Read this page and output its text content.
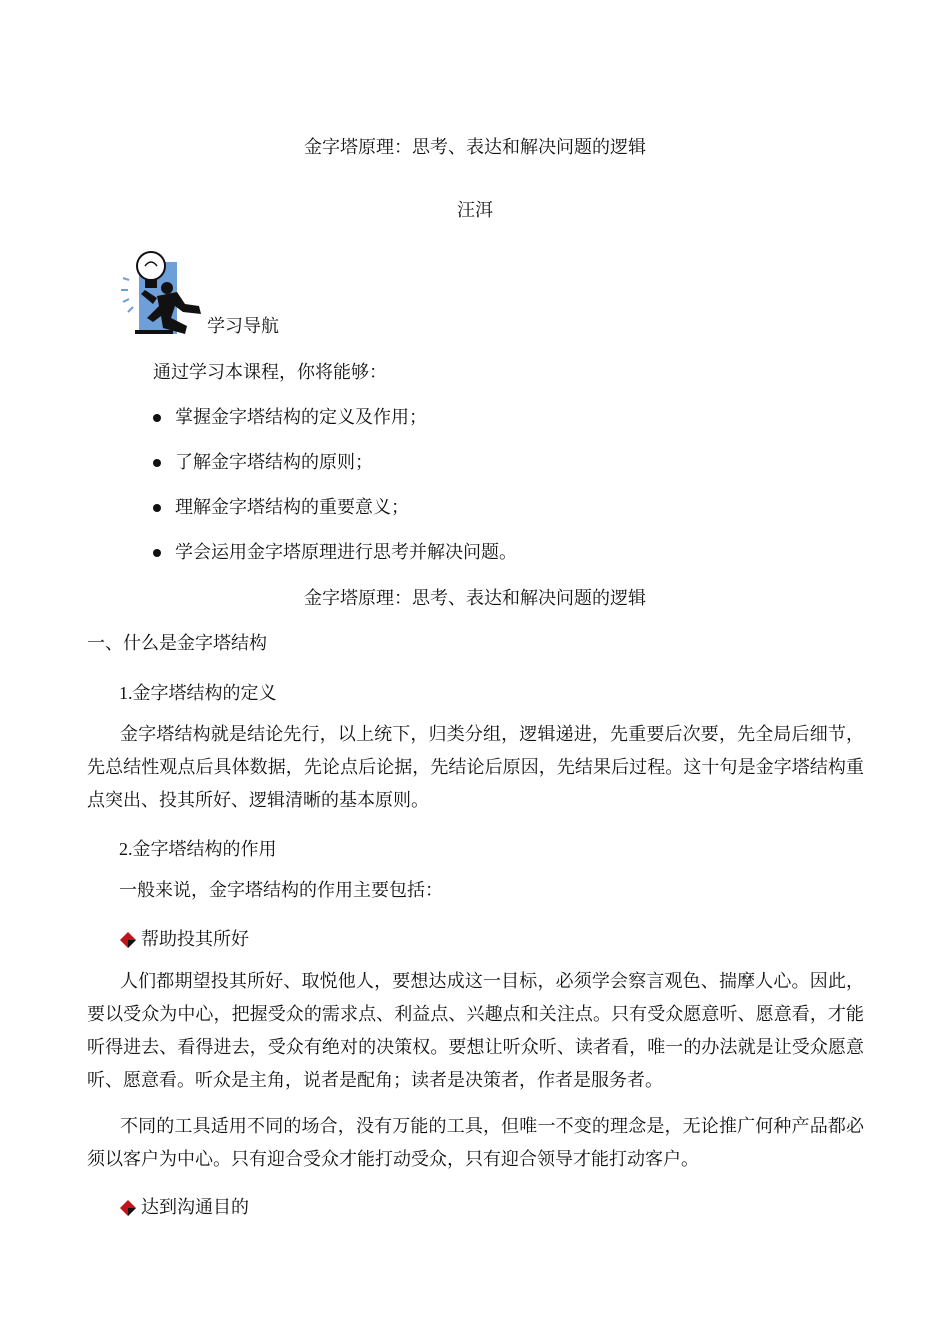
金字塔原理：思考、表达和解决问题的逻辑
汪洱
学习导航
通过学习本课程，你将能够：
掌握金字塔结构的定义及作用；
了解金字塔结构的原则；
理解金字塔结构的重要意义；
学会运用金字塔原理进行思考并解决问题。
金字塔原理：思考、表达和解决问题的逻辑
一、什么是金字塔结构
1.金字塔结构的定义
金字塔结构就是结论先行，以上统下，归类分组，逻辑递进，先重要后次要，先全局后细节，先总结性观点后具体数据，先论点后论据，先结论后原因，先结果后过程。这十句是金字塔结构重点突出、投其所好、逻辑清晰的基本原则。
2.金字塔结构的作用
一般来说，金字塔结构的作用主要包括：
帮助投其所好
人们都期望投其所好、取悦他人，要想达成这一目标，必须学会察言观色、揣摩人心。因此，要以受众为中心，把握受众的需求点、利益点、兴趣点和关注点。只有受众愿意听、愿意看，才能听得进去、看得进去，受众有绝对的决策权。要想让听众听、读者看，唯一的办法就是让受众愿意听、愿意看。听众是主角，说者是配角；读者是决策者，作者是服务者。
不同的工具适用不同的场合，没有万能的工具，但唯一不变的理念是，无论推广何种产品都必须以客户为中心。只有迎合受众才能打动受众，只有迎合领导才能打动客户。
达到沟通目的
